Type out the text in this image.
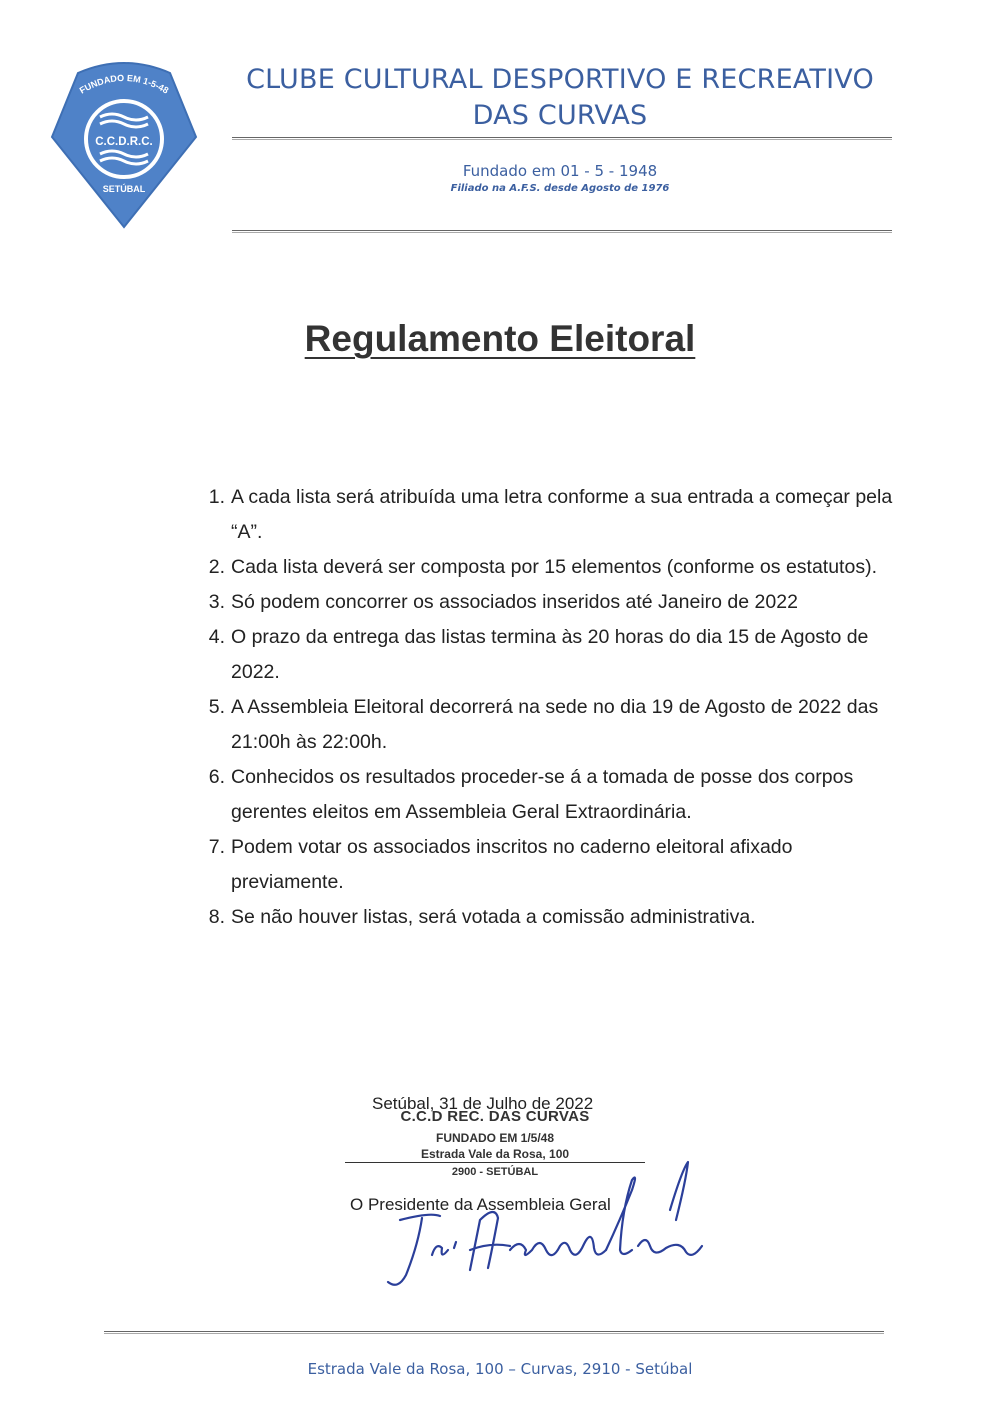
FUNDADO EM 1-5-48
C.C.D.R.C.
SETÚBAL
CLUBE CULTURAL DESPORTIVO E RECREATIVO
DAS CURVAS
Fundado em 01 - 5 - 1948
Filiado na A.F.S. desde Agosto de 1976
Regulamento Eleitoral
1. A cada lista será atribuída uma letra conforme a sua entrada a começar pela “A”.
2. Cada lista deverá ser composta por 15 elementos (conforme os estatutos).
3. Só podem concorrer os associados inseridos até Janeiro de 2022
4. O prazo da entrega das listas termina às 20 horas do dia 15 de Agosto de 2022.
5. A Assembleia Eleitoral decorrerá na sede no dia 19 de Agosto de 2022 das 21:00h às 22:00h.
6. Conhecidos os resultados proceder-se á a tomada de posse dos corpos gerentes eleitos em Assembleia Geral Extraordinária.
7. Podem votar os associados inscritos no caderno eleitoral afixado previamente.
8. Se não houver listas, será votada a comissão administrativa.
Setúbal, 31 de Julho de 2022
C.C.D REC. DAS CURVAS
FUNDADO EM 1/5/48
Estrada Vale da Rosa, 100
2900 - SETÚBAL
O Presidente da Assembleia Geral
Estrada Vale da Rosa, 100 – Curvas, 2910 - Setúbal
